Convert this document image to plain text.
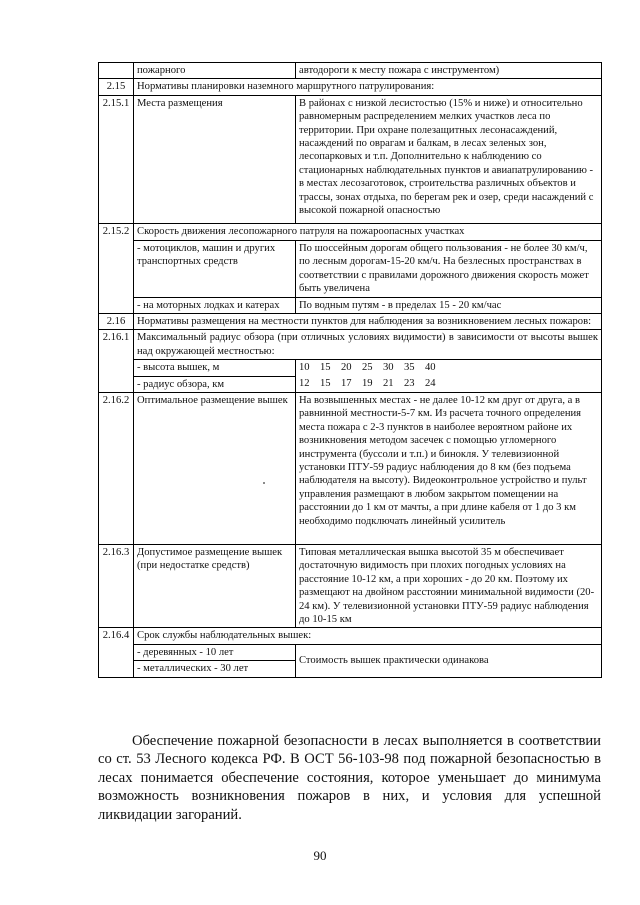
	пожарного	автодороги к месту пожара с инструментом)
2.15	Нормативы планировки наземного маршрутного патрулирования:	
2.15.1	Места размещения	В районах с низкой лесистостью (15% и ниже) и относительно равномерным распределением мелких участков леса по территории. При охране полезащитных лесонасаждений, насаждений по оврагам и балкам, в лесах зеленых зон, лесопарковых и т.п. Дополнительно к наблюдению со стационарных наблюдательных пунктов и авиапатрулированию - в местах лесозаготовок, строительства различных объектов и трассы, зонах отдыха, по берегам рек и озер, среди насаждений с высокой пожарной опасностью
2.15.2	Скорость движения лесопожарного патруля на пожароопасных участках	
	- мотоциклов, машин и других транспортных средств	По шоссейным дорогам общего пользования - не более 30 км/ч, по лесным дорогам-15-20 км/ч. На безлесных пространствах в соответствии с правилами дорожного движения скорость может быть увеличена
	- на моторных лодках и катерах	По водным путям - в пределах 15 - 20 км/час
2.16	Нормативы размещения на местности пунктов для наблюдения за возникновением лесных пожаров:	
2.16.1	Максимальный радиус обзора (при отличных условиях видимости) в зависимости от высоты вышек над окружающей местностью:	
	- высота вышек, м	10 15 20 25 30 35 40
	- радиус обзора, км	12 15 17 19 21 23 24
2.16.2	Оптимальное размещение вышек	На возвышенных местах - не далее 10-12 км друг от друга, а в равнинной местности-5-7 км. Из расчета точного определения места пожара с 2-3 пунктов в наиболее вероятном районе их возникновения методом засечек с помощью угломерного инструмента (буссоли и т.п.) и бинокля. У телевизионной установки ПТУ-59 радиус наблюдения до 8 км (без подъема наблюдателя на высоту). Видеоконтрольное устройство и пульт управления размещают в любом закрытом помещении на расстоянии до 1 км от мачты, а при длине кабеля от 1 до 3 км необходимо подключать линейный усилитель
2.16.3	Допустимое размещение вышек (при недостатке средств)	Типовая металлическая вышка высотой 35 м обеспечивает достаточную видимость при плохих погодных условиях на расстояние 10-12 км, а при хороших - до 20 км. Поэтому их размещают на двойном расстоянии минимальной видимости (20-24 км). У телевизионной установки ПТУ-59 радиус наблюдения до 10-15 км
2.16.4	Срок службы наблюдательных вышек:	
	- деревянных - 10 лет	Стоимость вышек практически одинакова
	- металлических - 30 лет	

Обеспечение пожарной безопасности в лесах выполняется в соответствии со ст. 53 Лесного кодекса РФ. В ОСТ 56-103-98 под пожарной безопасностью в лесах понимается обеспечение состояния, которое уменьшает до минимума возможность возникновения пожаров в них, и условия для успешной ликвидации загораний.

90
